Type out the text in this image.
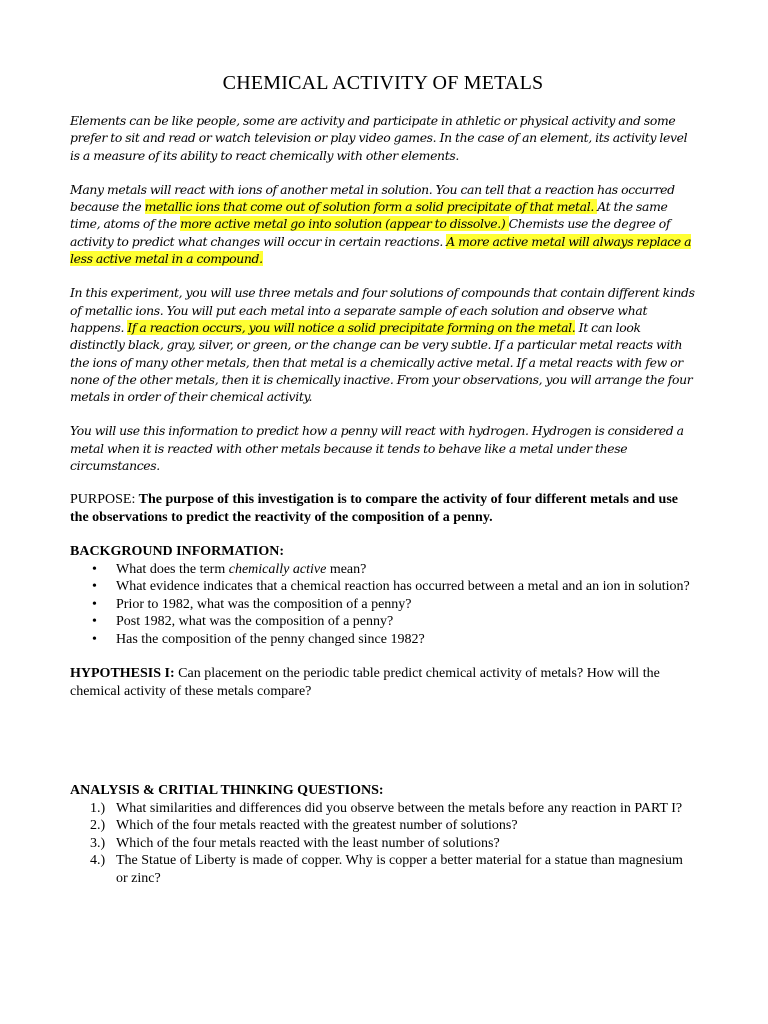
CHEMICAL ACTIVITY OF METALS

Elements can be like people, some are activity and participate in athletic or physical activity and some prefer to sit and read or watch television or play video games. In the case of an element, its activity level is a measure of its ability to react chemically with other elements.

Many metals will react with ions of another metal in solution. You can tell that a reaction has occurred because the metallic ions that come out of solution form a solid precipitate of that metal. At the same time, atoms of the more active metal go into solution (appear to dissolve.) Chemists use the degree of activity to predict what changes will occur in certain reactions. A more active metal will always replace a less active metal in a compound.

In this experiment, you will use three metals and four solutions of compounds that contain different kinds of metallic ions. You will put each metal into a separate sample of each solution and observe what happens. If a reaction occurs, you will notice a solid precipitate forming on the metal. It can look distinctly black, gray, silver, or green, or the change can be very subtle. If a particular metal reacts with the ions of many other metals, then that metal is a chemically active metal. If a metal reacts with few or none of the other metals, then it is chemically inactive. From your observations, you will arrange the four metals in order of their chemical activity.

You will use this information to predict how a penny will react with hydrogen. Hydrogen is considered a metal when it is reacted with other metals because it tends to behave like a metal under these circumstances.

PURPOSE: The purpose of this investigation is to compare the activity of four different metals and use the observations to predict the reactivity of the composition of a penny.

BACKGROUND INFORMATION:

• What does the term chemically active mean?
• What evidence indicates that a chemical reaction has occurred between a metal and an ion in solution?
• Prior to 1982, what was the composition of a penny?
• Post 1982, what was the composition of a penny?
• Has the composition of the penny changed since 1982?

HYPOTHESIS I: Can placement on the periodic table predict chemical activity of metals? How will the chemical activity of these metals compare?

ANALYSIS & CRITIAL THINKING QUESTIONS:

1.) What similarities and differences did you observe between the metals before any reaction in PART I?
2.) Which of the four metals reacted with the greatest number of solutions?
3.) Which of the four metals reacted with the least number of solutions?
4.) The Statue of Liberty is made of copper. Why is copper a better material for a statue than magnesium or zinc?
